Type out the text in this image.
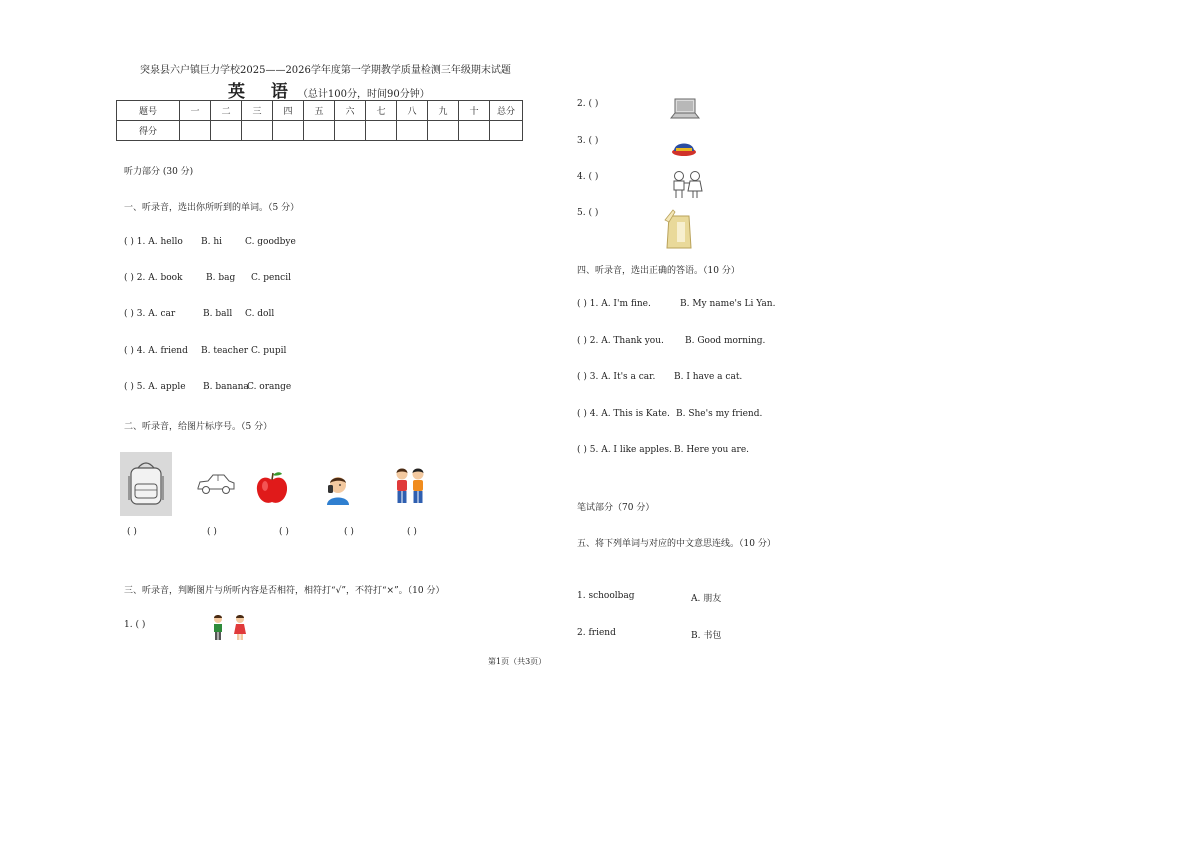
突泉县六户镇巨力学校2025——2026学年度第一学期教学质量检测三年级期末试题
英 语（总计100分，时间90分钟）
题号	一	二	三	四	五	六	七	八	九	十	总分
得分											
听力部分 (30 分)
一、听录音，选出你所听到的单词。（5 分）
( ) 1. A. hello B. hi	C. goodbye
( ) 2. A. book	B. bag C. pencil
( ) 3. A. car	B. ball C. doll
( ) 4. A. friend B. teacher C. pupil
( ) 5. A. apple B. banana
C. orange
二、听录音，给图片标序号。（5 分）
( )	( )	( )	( )	( )
三、听录音，判断图片与所听内容是否相符，相符打“√”，不符打“×”。（10 分）
1. ( )
2. ( )
3. ( )
4. ( )
5. ( )
四、听录音，选出正确的答语。（10 分）
( ) 1. A. I'm fine.	B. My name's Li Yan.
( ) 2. A. Thank you. B. Good morning.
( ) 3. A. It's a car. B. I have a cat.
( ) 4. A. This is Kate. B. She's my friend.
( ) 5. A. I like apples. B. Here you are.
笔试部分（70 分）
五、将下列单词与对应的中文意思连线。（10 分）
1. schoolbag	A. 朋友
2. friend	B. 书包
第1页（共3页）
